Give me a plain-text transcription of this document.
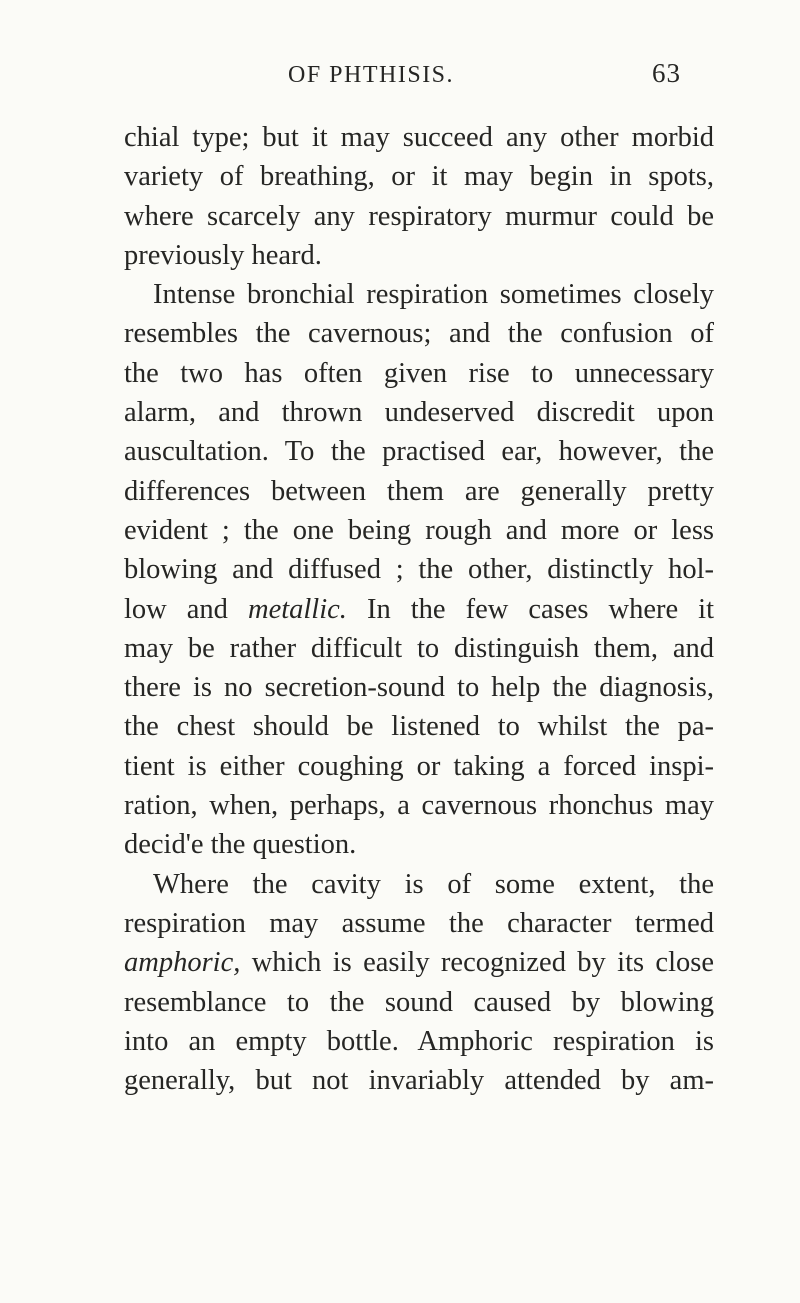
OF PHTHISIS.	63
chial type; but it may succeed any other morbid
variety of breathing, or it may begin in spots,
where scarcely any respiratory murmur could be
previously heard.
Intense bronchial respiration sometimes closely
resembles the cavernous; and the confusion of
the two has often given rise to unnecessary
alarm, and thrown undeserved discredit upon
auscultation. To the practised ear, however, the
differences between them are generally pretty
evident ; the one being rough and more or less
blowing and diffused ; the other, distinctly hol-
low and metallic. In the few cases where it
may be rather difficult to distinguish them, and
there is no secretion-sound to help the diagnosis,
the chest should be listened to whilst the pa-
tient is either coughing or taking a forced inspi-
ration, when, perhaps, a cavernous rhonchus may
decid'e the question.
Where the cavity is of some extent, the
respiration may assume the character termed
amphoric, which is easily recognized by its close
resemblance to the sound caused by blowing
into an empty bottle. Amphoric respiration is
generally, but not invariably attended by am-
